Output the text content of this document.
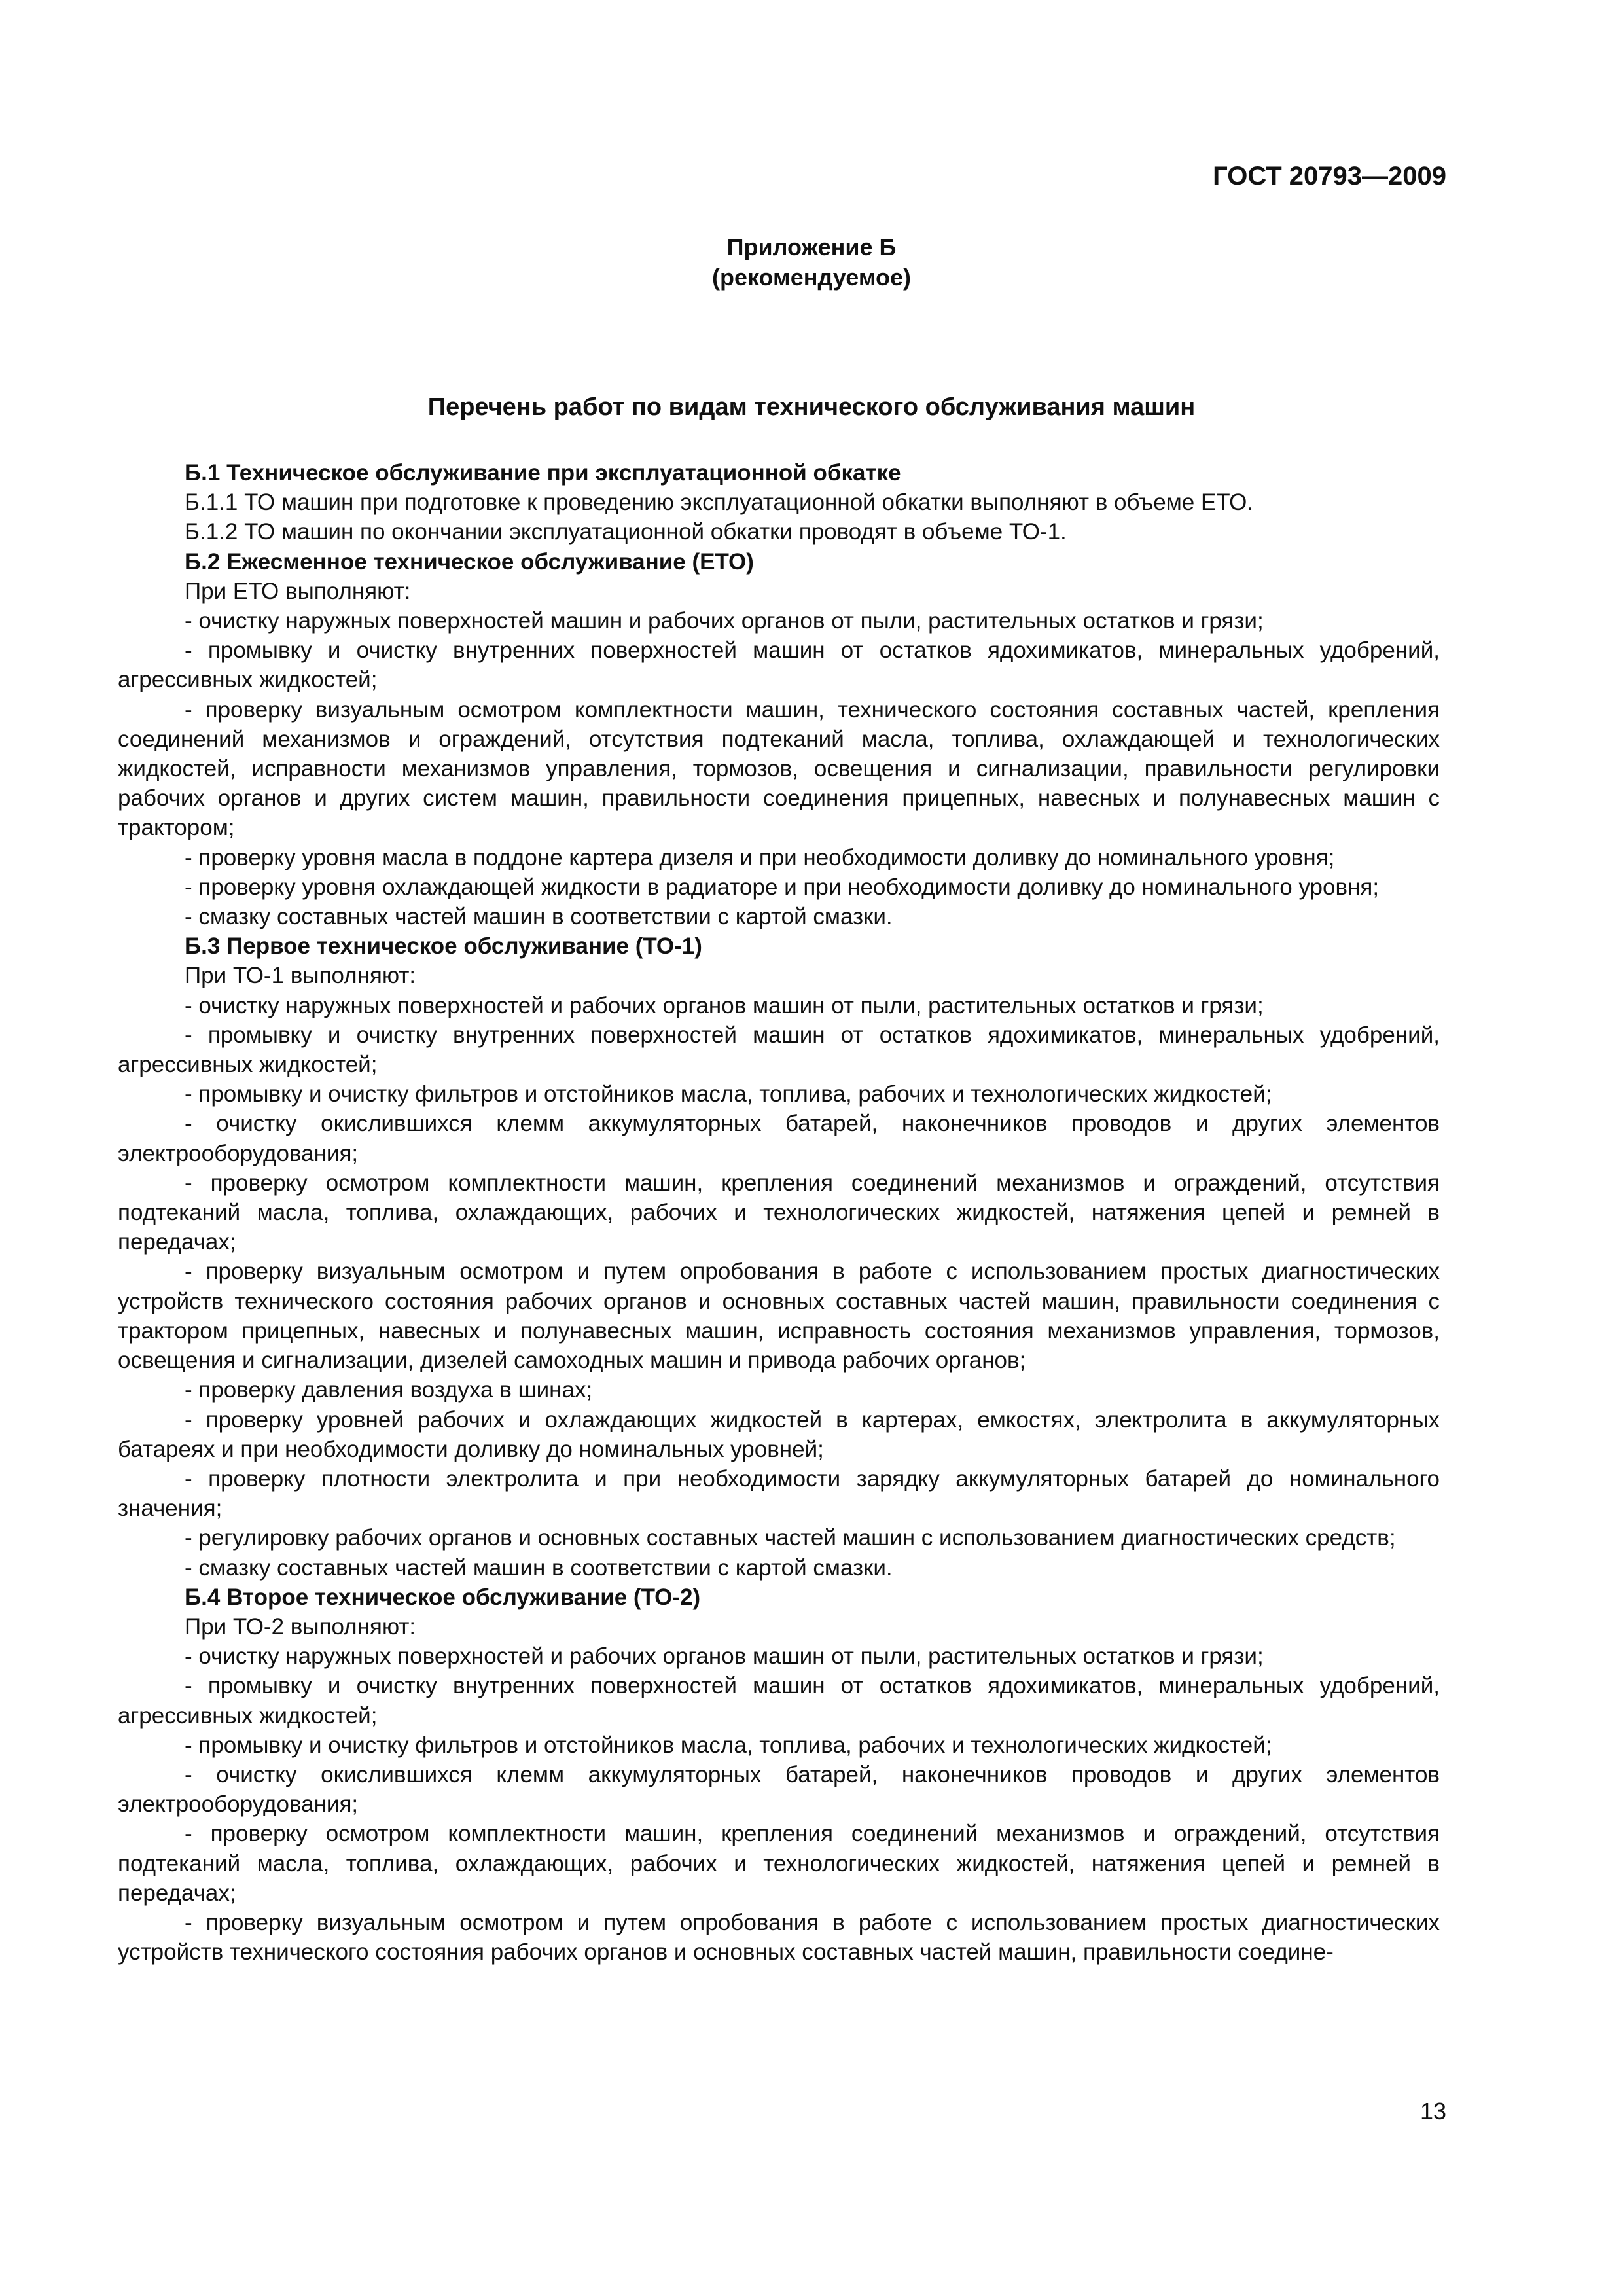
ГОСТ 20793—2009
Приложение Б
(рекомендуемое)
Перечень работ по видам технического обслуживания машин

Б.1 Техническое обслуживание при эксплуатационной обкатке

Б.1.1 ТО машин при подготовке к проведению эксплуатационной обкатки выполняют в объеме ЕТО.

Б.1.2 ТО машин по окончании эксплуатационной обкатки проводят в объеме ТО-1.

Б.2 Ежесменное техническое обслуживание (ЕТО)

При ЕТО выполняют:

- очистку наружных поверхностей машин и рабочих органов от пыли, растительных остатков и грязи;

- промывку и очистку внутренних поверхностей машин от остатков ядохимикатов, минеральных удобрений, агрессивных жидкостей;

- проверку визуальным осмотром комплектности машин, технического состояния составных частей, крепления соединений механизмов и ограждений, отсутствия подтеканий масла, топлива, охлаждающей и технологических жидкостей, исправности механизмов управления, тормозов, освещения и сигнализации, правильности регулировки рабочих органов и других систем машин, правильности соединения прицепных, навесных и полунавесных машин с трактором;

- проверку уровня масла в поддоне картера дизеля и при необходимости доливку до номинального уровня;

- проверку уровня охлаждающей жидкости в радиаторе и при необходимости доливку до номинального уровня;

- смазку составных частей машин в соответствии с картой смазки.

Б.3 Первое техническое обслуживание (ТО-1)

При ТО-1 выполняют:

- очистку наружных поверхностей и рабочих органов машин от пыли, растительных остатков и грязи;

- промывку и очистку внутренних поверхностей машин от остатков ядохимикатов, минеральных удобрений, агрессивных жидкостей;

- промывку и очистку фильтров и отстойников масла, топлива, рабочих и технологических жидкостей;

- очистку окислившихся клемм аккумуляторных батарей, наконечников проводов и других элементов электрооборудования;

- проверку осмотром комплектности машин, крепления соединений механизмов и ограждений, отсутствия подтеканий масла, топлива, охлаждающих, рабочих и технологических жидкостей, натяжения цепей и ремней в передачах;

- проверку визуальным осмотром и путем опробования в работе с использованием простых диагностических устройств технического состояния рабочих органов и основных составных частей машин, правильности соединения с трактором прицепных, навесных и полунавесных машин, исправность состояния механизмов управления, тормозов, освещения и сигнализации, дизелей самоходных машин и привода рабочих органов;

- проверку давления воздуха в шинах;

- проверку уровней рабочих и охлаждающих жидкостей в картерах, емкостях, электролита в аккумуляторных батареях и при необходимости доливку до номинальных уровней;

- проверку плотности электролита и при необходимости зарядку аккумуляторных батарей до номинального значения;

- регулировку рабочих органов и основных составных частей машин с использованием диагностических средств;

- смазку составных частей машин в соответствии с картой смазки.

Б.4 Второе техническое обслуживание (ТО-2)

При ТО-2 выполняют:

- очистку наружных поверхностей и рабочих органов машин от пыли, растительных остатков и грязи;

- промывку и очистку внутренних поверхностей машин от остатков ядохимикатов, минеральных удобрений, агрессивных жидкостей;

- промывку и очистку фильтров и отстойников масла, топлива, рабочих и технологических жидкостей;

- очистку окислившихся клемм аккумуляторных батарей, наконечников проводов и других элементов электрооборудования;

- проверку осмотром комплектности машин, крепления соединений механизмов и ограждений, отсутствия подтеканий масла, топлива, охлаждающих, рабочих и технологических жидкостей, натяжения цепей и ремней в передачах;

- проверку визуальным осмотром и путем опробования в работе с использованием простых диагностических устройств технического состояния рабочих органов и основных составных частей машин, правильности соедине-

13
